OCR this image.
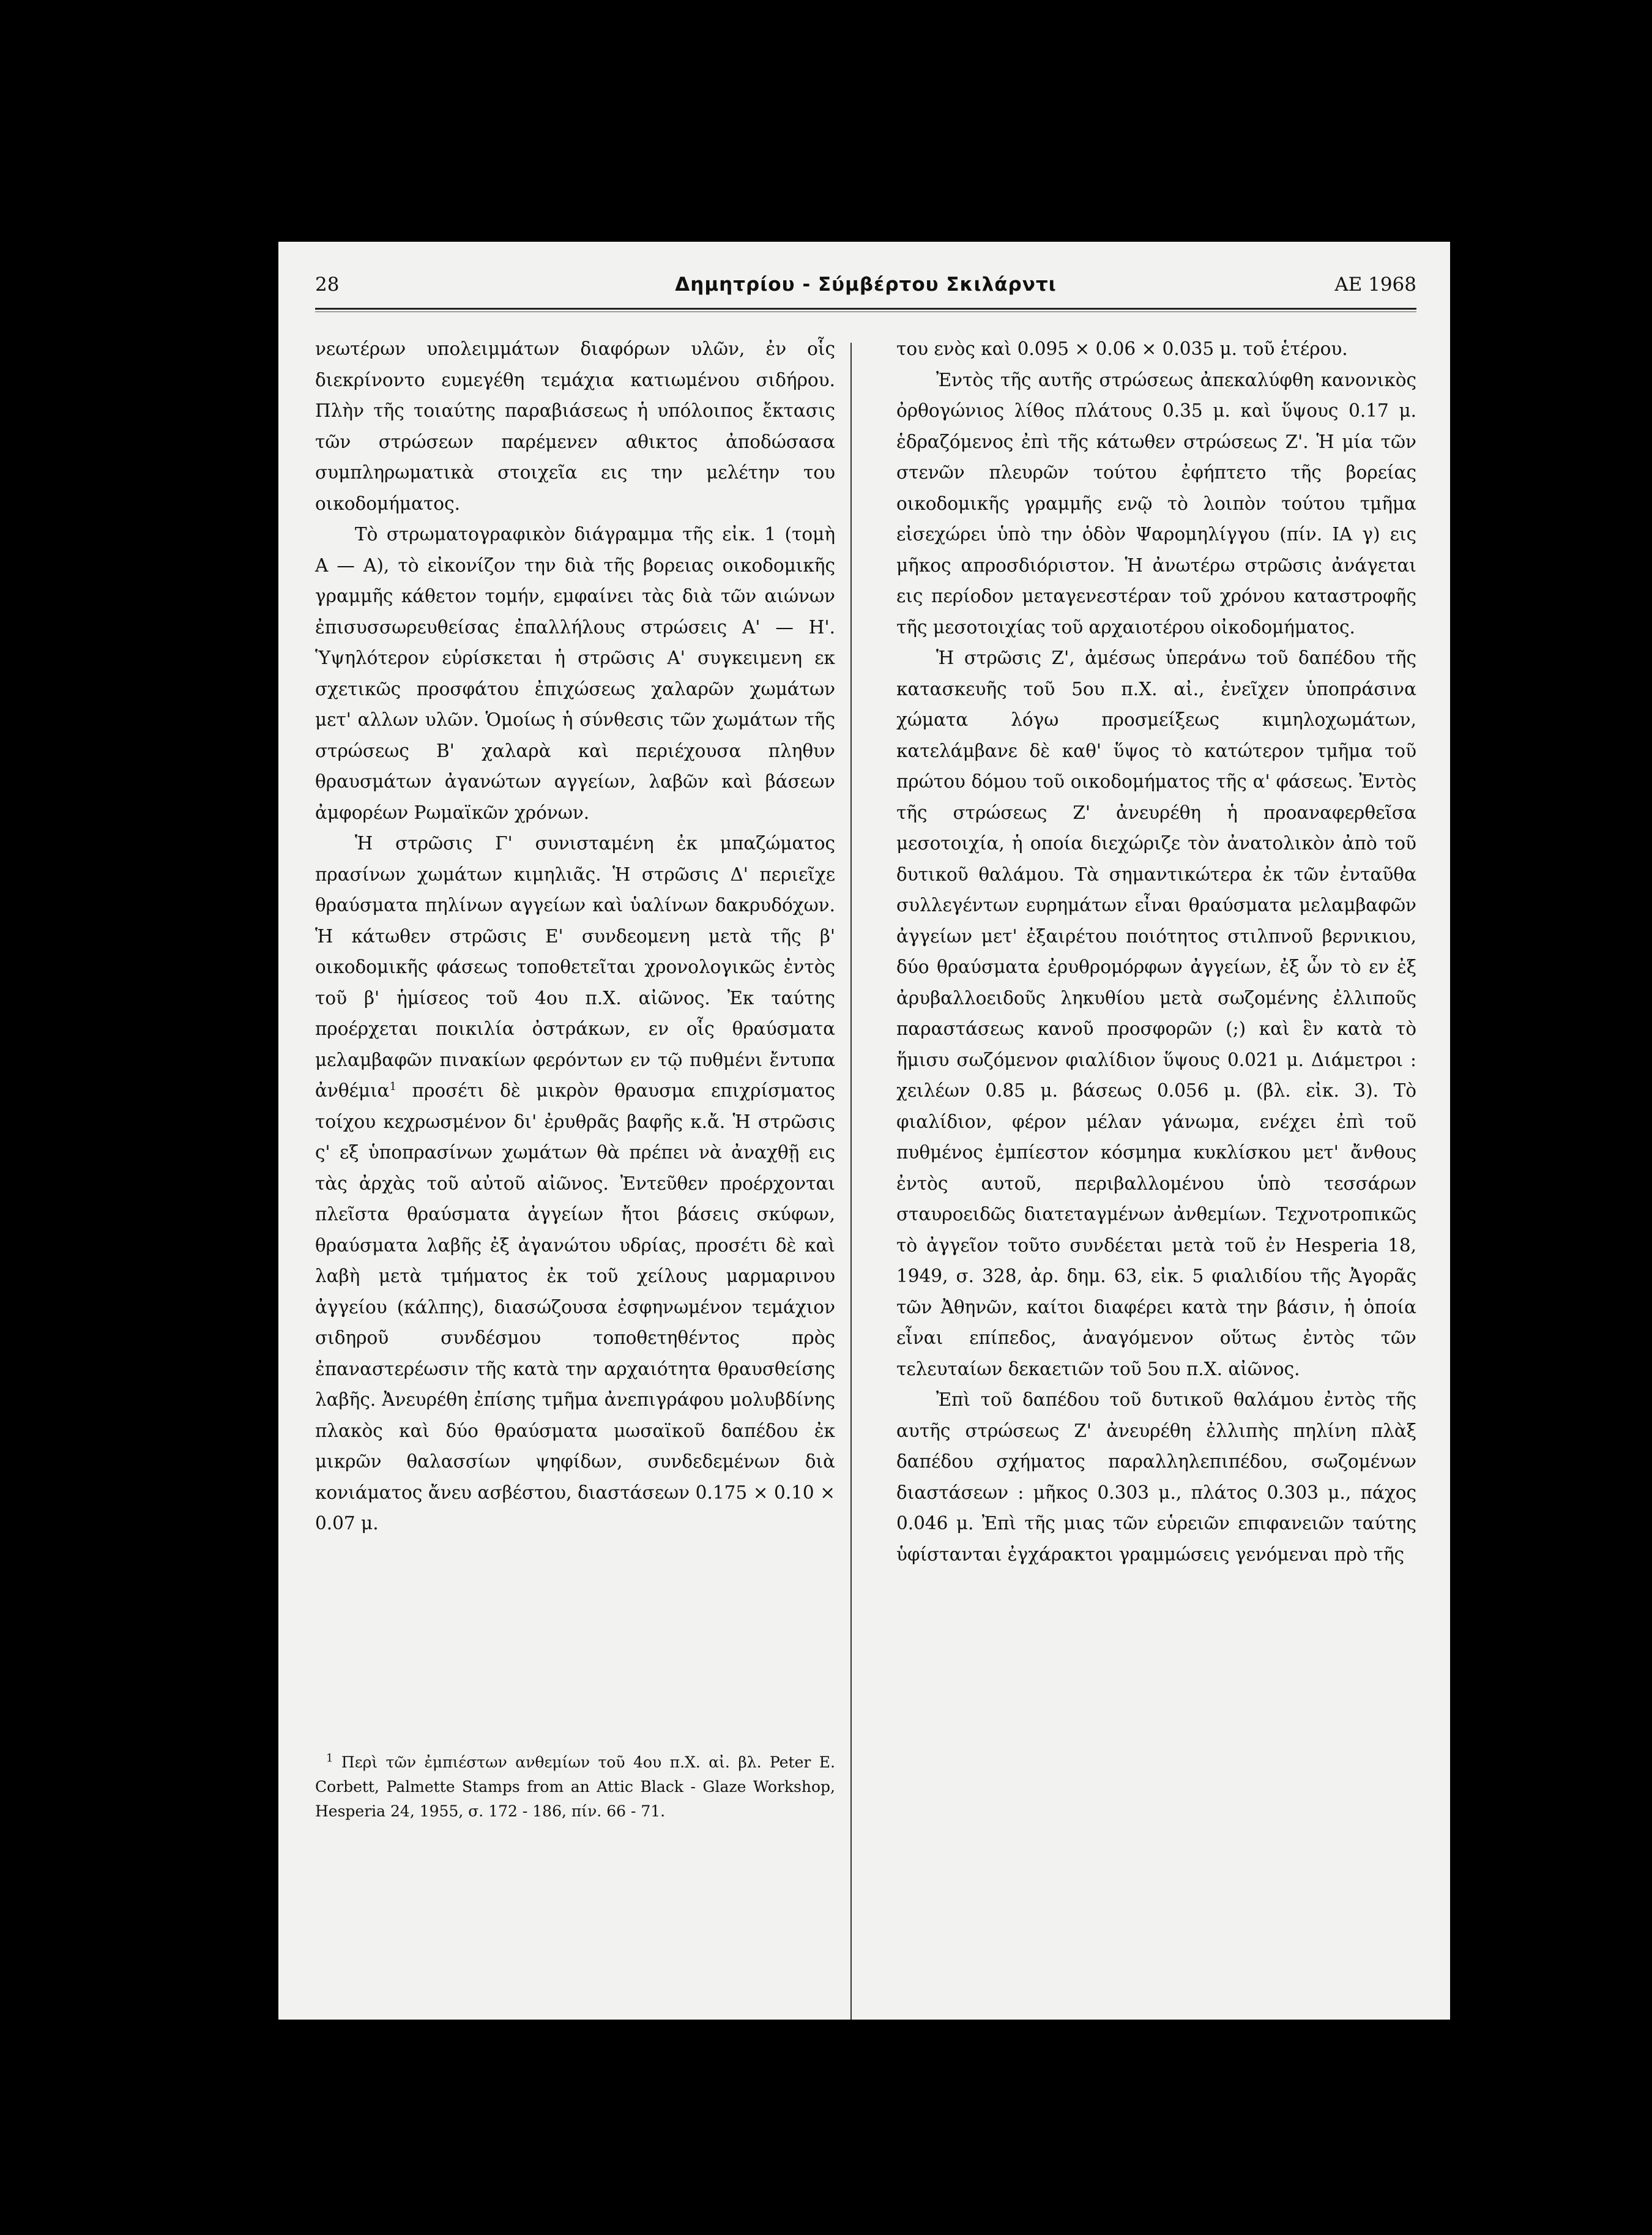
28	Δημητρίου - Σύμβέρτου Σκιλάρντι	AE 1968

νεωτέρων υπολειμμάτων διαφόρων υλῶν, ἐν οἷς διεκρίνοντο ευμεγέθη τεμάχια κατιωμένου σιδήρου. Πλὴν τῆς τοιαύτης παραβιάσεως ἡ υπόλοιπος ἔκτασις τῶν στρώσεων παρέμενεν αθικτος ἀποδώσασα συμπληρωματικὰ στοιχεῖα εις την μελέτην του οικοδομήματος.

Τὸ στρωματογραφικὸν διάγραμμα τῆς εἰκ. 1 (τομὴ Α — Α), τὸ εἰκονίζον την διὰ τῆς βορειας οικοδομικῆς γραμμῆς κάθετον τομήν, εμφαίνει τὰς διὰ τῶν αιώνων ἐπισυσσωρευθείσας ἐπαλλήλους στρώσεις Α' — Η'. Ὑψηλότερον εὑρίσκεται ἡ στρῶσις Α' συγκειμενη εκ σχετικῶς προσφάτου ἐπιχώσεως χαλαρῶν χωμάτων μετ' αλλων υλῶν. Ὁμοίως ἡ σύνθεσις τῶν χωμάτων τῆς στρώσεως Β' χαλαρὰ καὶ περιέχουσα πληθυν θραυσμάτων ἀγανώτων αγγείων, λαβῶν καὶ βάσεων ἀμφορέων Ρωμαϊκῶν χρόνων.

Ἡ στρῶσις Γ' συνισταμένη ἐκ μπαζώματος πρασίνων χωμάτων κιμηλιᾶς. Ἡ στρῶσις Δ' περιεῖχε θραύσματα πηλίνων αγγείων καὶ ὑαλίνων δακρυδόχων. Ἡ κάτωθεν στρῶσις Ε' συνδεομενη μετὰ τῆς β' οικοδομικῆς φάσεως τοποθετεῖται χρονολογικῶς ἐντὸς τοῦ β' ἡμίσεος τοῦ 4ου π.Χ. αἰῶνος. Ἐκ ταύτης προέρχεται ποικιλία ὀστράκων, εν οἷς θραύσματα μελαμβαφῶν πινακίων φερόντων εν τῷ πυθμένι ἔντυπα ἀνθέμια$^1$ προσέτι δὲ μικρὸν θραυσμα επιχρίσματος τοίχου κεχρωσμένον δι' ἐρυθρᾶς βαφῆς κ.ἄ. Ἡ στρῶσις ς' εξ ὑποπρασίνων χωμάτων θὰ πρέπει νὰ ἀναχθῇ εις τὰς ἀρχὰς τοῦ αὐτοῦ αἰῶνος. Ἐντεῦθεν προέρχονται πλεῖστα θραύσματα ἀγγείων ἤτοι βάσεις σκύφων, θραύσματα λαβῆς ἐξ ἀγανώτου υδρίας, προσέτι δὲ καὶ λαβὴ μετὰ τμήματος ἐκ τοῦ χείλους μαρμαρινου ἀγγείου (κάλπης), διασώζουσα ἐσφηνωμένον τεμάχιον σιδηροῦ συνδέσμου τοποθετηθέντος πρὸς ἐπαναστερέωσιν τῆς κατὰ την αρχαιότητα θραυσθείσης λαβῆς. Ἀνευρέθη ἐπίσης τμῆμα ἀνεπιγράφου μολυβδίνης πλακὸς καὶ δύο θραύσματα μωσαϊκοῦ δαπέδου ἐκ μικρῶν θαλασσίων ψηφίδων, συνδεδεμένων διὰ κονιάματος ἄνευ ασβέστου, διαστάσεων 0.175 × 0.10 × 0.07 μ.

$^1$ Περὶ τῶν ἐμπιέστων ανθεμίων τοῦ 4ου π.Χ. αἰ. βλ. Peter E. Corbett, Palmette Stamps from an Attic Black - Glaze Workshop, Hesperia 24, 1955, σ. 172 - 186, πίν. 66 - 71.

του ενὸς καὶ 0.095 × 0.06 × 0.035 μ. τοῦ ἑτέρου.

Ἐντὸς τῆς αυτῆς στρώσεως ἀπεκαλύφθη κανονικὸς ὀρθογώνιος λίθος πλάτους 0.35 μ. καὶ ὕψους 0.17 μ. ἑδραζόμενος ἐπὶ τῆς κάτωθεν στρώσεως Ζ'. Ἡ μία τῶν στενῶν πλευρῶν τούτου ἐφήπτετο τῆς βορείας οικοδομικῆς γραμμῆς ενῷ τὸ λοιπὸν τούτου τμῆμα εἰσεχώρει ὑπὸ την ὁδὸν Ψαρομηλίγγου (πίν. ΙΑ γ) εις μῆκος απροσδιόριστον. Ἡ ἀνωτέρω στρῶσις ἀνάγεται εις περίοδον μεταγενεστέραν τοῦ χρόνου καταστροφῆς τῆς μεσοτοιχίας τοῦ αρχαιοτέρου οἰκοδομήματος.

Ἡ στρῶσις Ζ', ἀμέσως ὑπεράνω τοῦ δαπέδου τῆς κατασκευῆς τοῦ 5ου π.Χ. αἰ., ἐνεῖχεν ὑποπράσινα χώματα λόγω προσμείξεως κιμηλοχωμάτων, κατελάμβανε δὲ καθ' ὕψος τὸ κατώτερον τμῆμα τοῦ πρώτου δόμου τοῦ οικοδομήματος τῆς α' φάσεως. Ἐντὸς τῆς στρώσεως Ζ' ἀνευρέθη ἡ προαναφερθεῖσα μεσοτοιχία, ἡ οποία διεχώριζε τὸν ἀνατολικὸν ἀπὸ τοῦ δυτικοῦ θαλάμου. Τὰ σημαντικώτερα ἐκ τῶν ἐνταῦθα συλλεγέντων ευρημάτων εἶναι θραύσματα μελαμβαφῶν ἀγγείων μετ' ἐξαιρέτου ποιότητος στιλπνοῦ βερνικιου, δύο θραύσματα ἐρυθρομόρφων ἀγγείων, ἐξ ὧν τὸ εν ἐξ ἀρυβαλλοειδοῦς ληκυθίου μετὰ σωζομένης ἐλλιποῦς παραστάσεως κανοῦ προσφορῶν (;) καὶ ἓν κατὰ τὸ ἥμισυ σωζόμενον φιαλίδιον ὕψους 0.021 μ. Διάμετροι : χειλέων 0.85 μ. βάσεως 0.056 μ. (βλ. εἰκ. 3). Τὸ φιαλίδιον, φέρον μέλαν γάνωμα, ενέχει ἐπὶ τοῦ πυθμένος ἐμπίεστον κόσμημα κυκλίσκου μετ' ἄνθους ἐντὸς αυτοῦ, περιβαλλομένου ὑπὸ τεσσάρων σταυροειδῶς διατεταγμένων ἀνθεμίων. Τεχνοτροπικῶς τὸ ἀγγεῖον τοῦτο συνδέεται μετὰ τοῦ ἐν Hesperia 18, 1949, σ. 328, ἀρ. δημ. 63, εἰκ. 5 φιαλιδίου τῆς Ἀγορᾶς τῶν Ἀθηνῶν, καίτοι διαφέρει κατὰ την βάσιν, ἡ ὁποία εἶναι επίπεδος, ἀναγόμενον οὕτως ἐντὸς τῶν τελευταίων δεκαετιῶν τοῦ 5ου π.Χ. αἰῶνος.

Ἐπὶ τοῦ δαπέδου τοῦ δυτικοῦ θαλάμου ἐντὸς τῆς αυτῆς στρώσεως Ζ' ἀνευρέθη ἐλλιπὴς πηλίνη πλὰξ δαπέδου σχήματος παραλληλεπιπέδου, σωζομένων διαστάσεων : μῆκος 0.303 μ., πλάτος 0.303 μ., πάχος 0.046 μ. Ἐπὶ τῆς μιας τῶν εὑρειῶν επιφανειῶν ταύτης ὑφίστανται ἐγχάρακτοι γραμμώσεις γενόμεναι πρὸ τῆς
